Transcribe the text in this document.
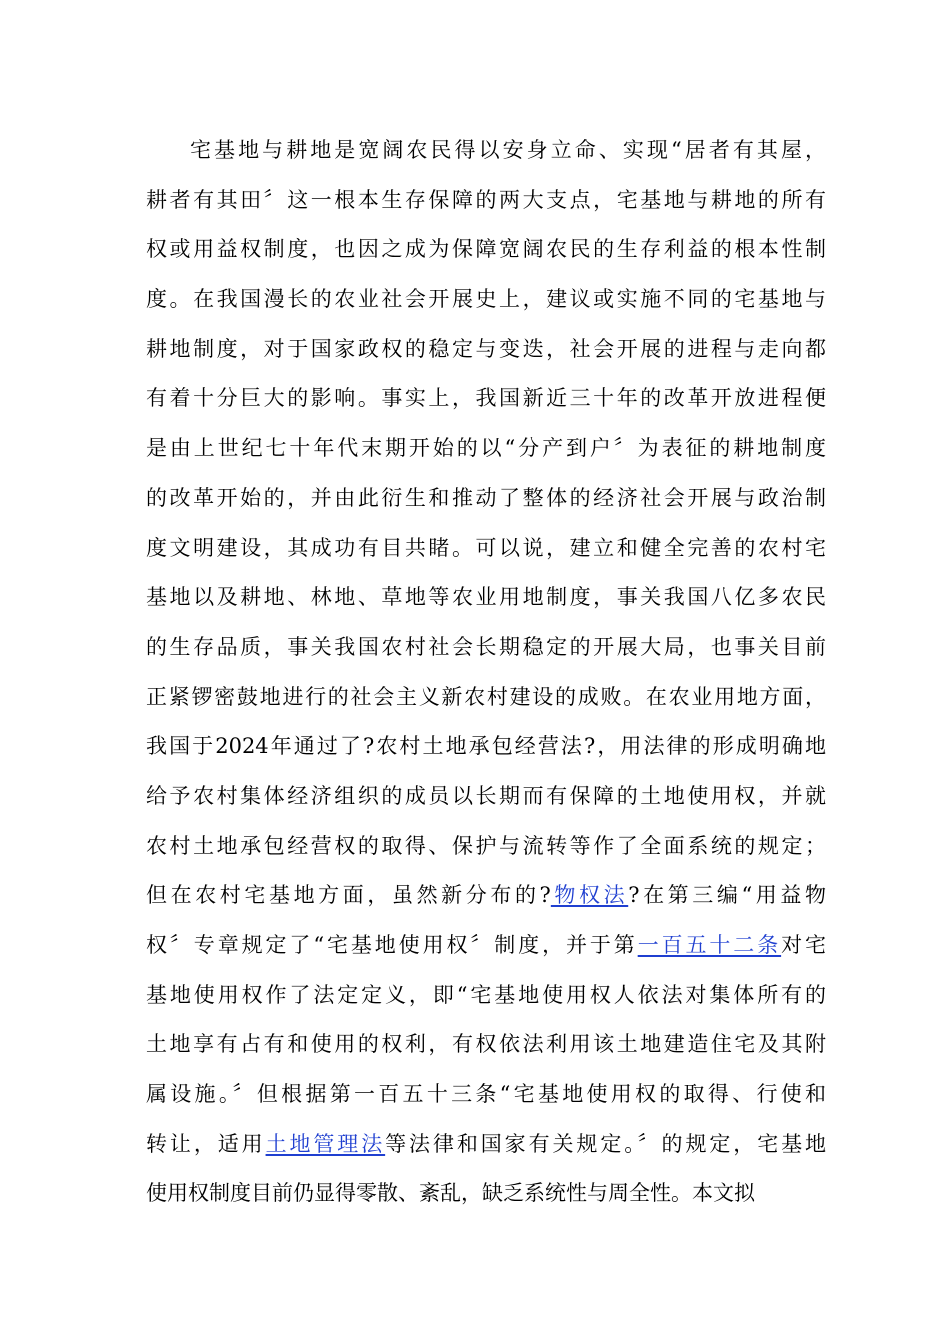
宅基地与耕地是宽阔农民得以安身立命、实现“居者有其屋，
耕者有其田〞这一根本生存保障的两大支点，宅基地与耕地的所有
权或用益权制度，也因之成为保障宽阔农民的生存利益的根本性制
度。在我国漫长的农业社会开展史上，建议或实施不同的宅基地与
耕地制度，对于国家政权的稳定与变迭，社会开展的进程与走向都
有着十分巨大的影响。事实上，我国新近三十年的改革开放进程便
是由上世纪七十年代末期开始的以“分产到户〞为表征的耕地制度
的改革开始的，并由此衍生和推动了整体的经济社会开展与政治制
度文明建设，其成功有目共睹。可以说，建立和健全完善的农村宅
基地以及耕地、林地、草地等农业用地制度，事关我国八亿多农民
的生存品质，事关我国农村社会长期稳定的开展大局，也事关目前
正紧锣密鼓地进行的社会主义新农村建设的成败。在农业用地方面，
我国于2024年通过了?农村土地承包经营法?，用法律的形成明确地
给予农村集体经济组织的成员以长期而有保障的土地使用权，并就
农村土地承包经营权的取得、保护与流转等作了全面系统的规定；
但在农村宅基地方面，虽然新分布的?物权法?在第三编“用益物
权〞专章规定了“宅基地使用权〞制度，并于第一百五十二条对宅
基地使用权作了法定定义，即“宅基地使用权人依法对集体所有的
土地享有占有和使用的权利，有权依法利用该土地建造住宅及其附
属设施。〞但根据第一百五十三条“宅基地使用权的取得、行使和
转让，适用土地管理法等法律和国家有关规定。〞的规定，宅基地
使用权制度目前仍显得零散、紊乱，缺乏系统性与周全性。本文拟
